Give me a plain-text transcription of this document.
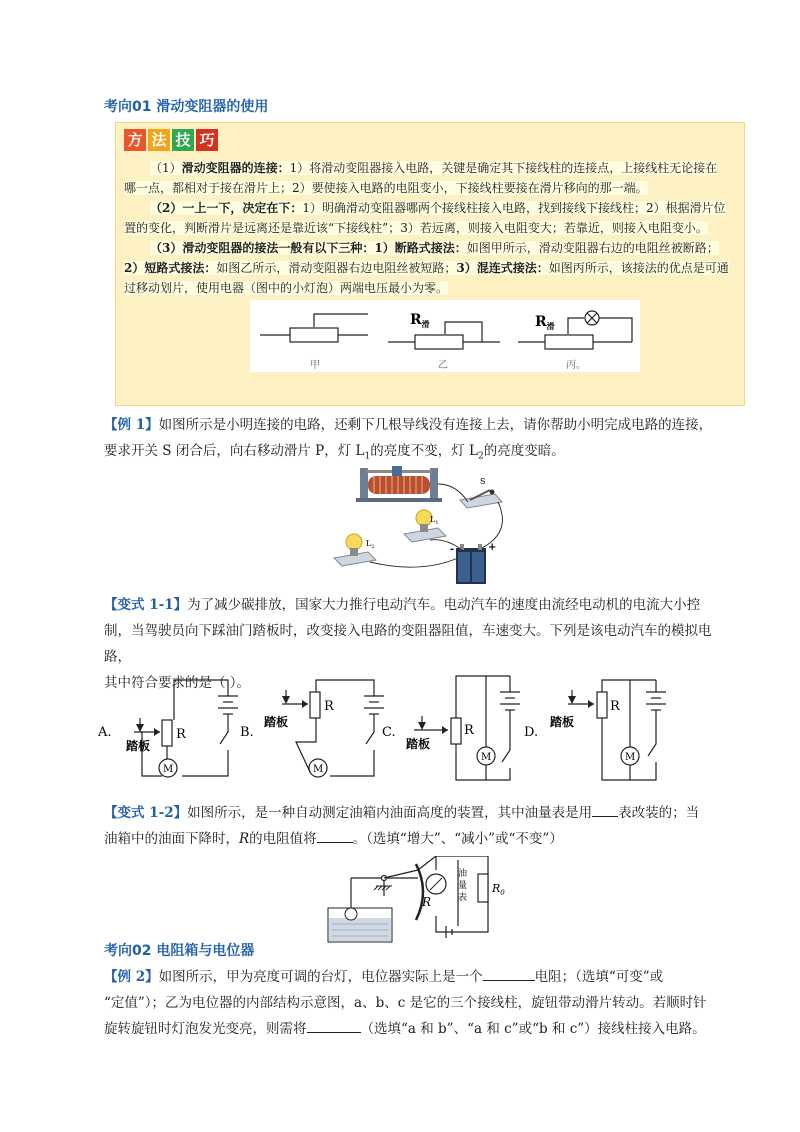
考向01 滑动变阻器的使用
方 法 技 巧
（1）滑动变阻器的连接：1）将滑动变阻器接入电路，关键是确定其下接线柱的连接点，上接线柱无论接在
哪一点，都相对于接在滑片上；2）要使接入电路的电阻变小，下接线柱要接在滑片移向的那一端。
（2）一上一下，决定在下：1）明确滑动变阻器哪两个接线柱接入电路，找到接线下接线柱；2）根据滑片位
置的变化，判断滑片是远离还是靠近该“下接线柱”；3）若远离，则接入电阻变大；若靠近，则接入电阻变小。
（3）滑动变阻器的接法一般有以下三种：1）断路式接法：如图甲所示，滑动变阻器右边的电阻丝被断路；
2）短路式接法：如图乙所示，滑动变阻器右边电阻丝被短路；3）混连式接法：如图丙所示，该接法的优点是可通
过移动划片，使用电器（图中的小灯泡）两端电压最小为零。
$R_滑$	$R_滑$
甲	乙	丙。
【例 1】如图所示是小明连接的电路，还剩下几根导线没有连接上去，请你帮助小明完成电路的连接，
要求开关 S 闭合后，向右移动滑片 P，灯 $L_1$的亮度不变，灯 $L_2$的亮度变暗。
S
$L_1$
$L_2$	-	+
【变式 1-1】为了减少碳排放，国家大力推行电动汽车。电动汽车的速度由流经电动机的电流大小控
制，当驾驶员向下踩油门踏板时，改变接入电路的变阻器阻值，车速变大。下列是该电动汽车的模拟电路，
其中符合要求的是（ ）。
A.	R
踏板
M
B.
R
踏板
M
C.	R
踏板
M
D.
R
踏板
M
【变式 1-2】如图所示，是一种自动测定油箱内油面高度的装置，其中油量表是用 表改装的；当
油箱中的油面下降时，R的电阻值将	。（选填“增大”、“减小”或“不变”）
R
油
量
表
$R_0$
考向02 电阻箱与电位器
【例 2】如图所示，甲为亮度可调的台灯，电位器实际上是一个	电阻；（选填“可变”或
“定值”）；乙为电位器的内部结构示意图，a、b、c 是它的三个接线柱，旋钮带动滑片转动。若顺时针
旋转旋钮时灯泡发光变亮，则需将	（选填“a 和 b”、“a 和 c”或“b 和 c”）接线柱接入电路。
